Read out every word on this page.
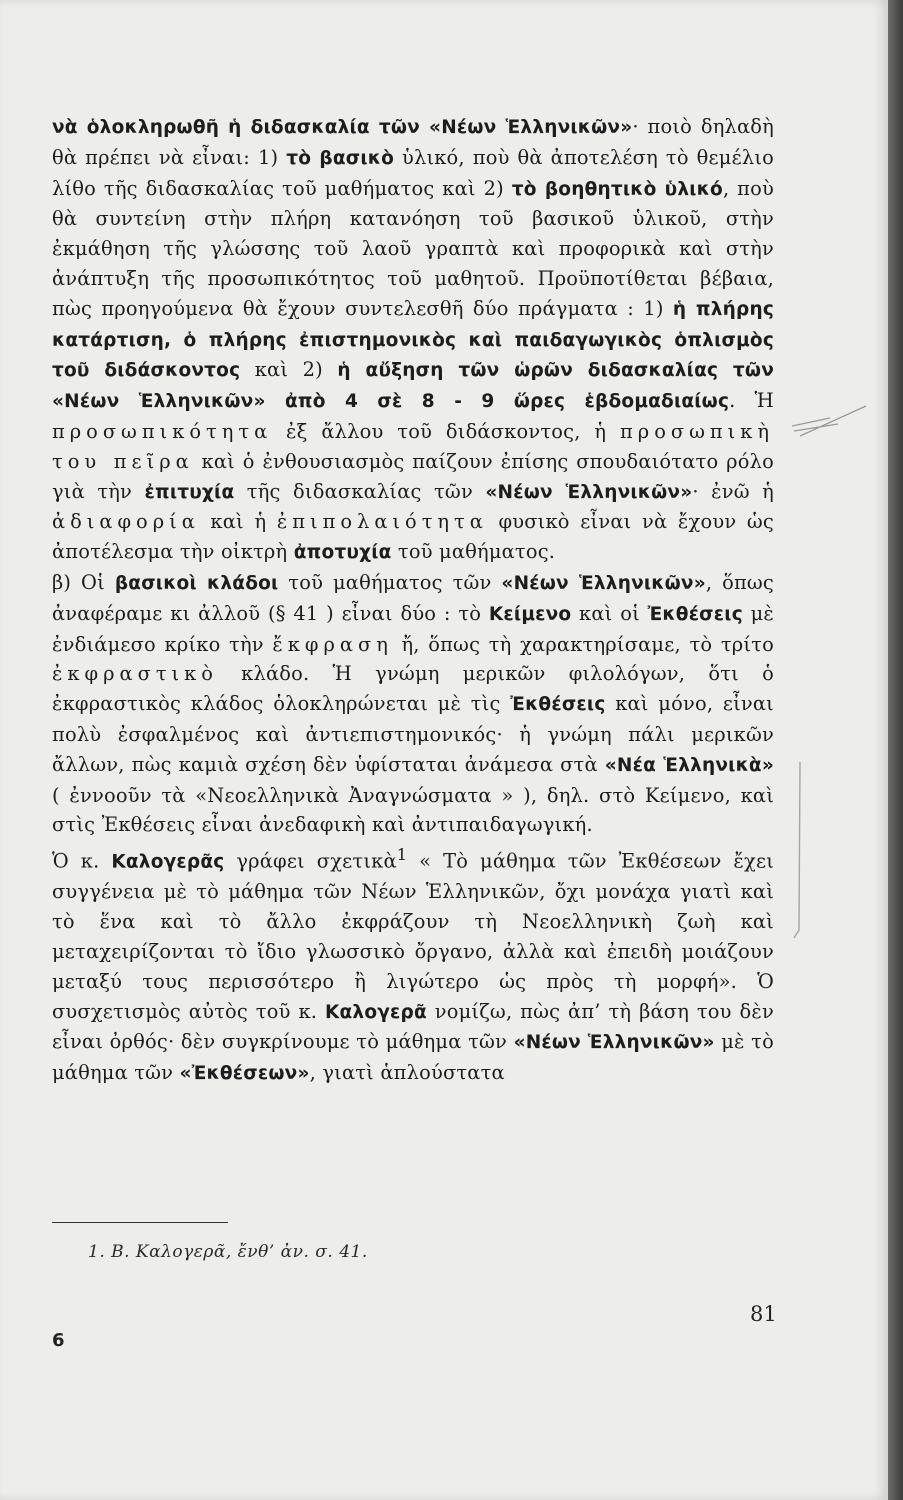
νὰ ὁλοκληρωθῆ ἡ διδασκαλία τῶν «Νέων Ἑλληνικῶν»· ποιὸ δηλαδὴ θὰ πρέπει νὰ εἶναι: 1) τὸ βασικὸ ὑλικό, ποὺ θὰ ἀποτελέση τὸ θεμέλιο λίθο τῆς διδασκαλίας τοῦ μαθήματος καὶ 2) τὸ βοηθητικὸ ὑλικό, ποὺ θὰ συντείνη στὴν πλήρη κατανόηση τοῦ βασικοῦ ὑλικοῦ, στὴν ἐκμάθηση τῆς γλώσσης τοῦ λαοῦ γραπτὰ καὶ προφορικὰ καὶ στὴν ἀνάπτυξη τῆς προσωπικότητος τοῦ μαθητοῦ. Προϋποτίθεται βέβαια, πὼς προηγούμενα θὰ ἔχουν συντελεσθῆ δύο πράγματα : 1) ἡ πλήρης κατάρτιση, ὁ πλήρης ἐπιστημονικὸς καὶ παιδαγωγικὸς ὁπλισμὸς τοῦ διδάσκοντος καὶ 2) ἡ αὔξηση τῶν ὡρῶν διδασκαλίας τῶν «Νέων Ἑλληνικῶν» ἀπὸ 4 σὲ 8 - 9 ὥρες ἑβδομαδιαίως. Ἡ προσωπικότητα ἐξ ἄλλου τοῦ διδάσκοντος, ἡ προσωπικὴ του πεῖρα καὶ ὁ ἐνθουσιασμὸς παίζουν ἐπίσης σπουδαιότατο ρόλο γιὰ τὴν ἐπιτυχία τῆς διδασκαλίας τῶν «Νέων Ἑλληνικῶν»· ἐνῶ ἡ ἀδιαφορία καὶ ἡ ἐπιπολαιότητα φυσικὸ εἶναι νὰ ἔχουν ὡς ἀποτέλεσμα τὴν οἰκτρὴ ἀποτυχία τοῦ μαθήματος.

β) Οἱ βασικοὶ κλάδοι τοῦ μαθήματος τῶν «Νέων Ἑλληνικῶν», ὅπως ἀναφέραμε κι ἀλλοῦ (§ 41 ) εἶναι δύο : τὸ Κείμενο καὶ οἱ Ἐκθέσεις μὲ ἐνδιάμεσο κρίκο τὴν ἔκφραση ἤ, ὅπως τὴ χαρακτηρίσαμε, τὸ τρίτο ἐκφραστικὸ κλάδο. Ἡ γνώμη μερικῶν φιλολόγων, ὅτι ὁ ἐκφραστικὸς κλάδος ὁλοκληρώνεται μὲ τὶς Ἐκθέσεις καὶ μόνο, εἶναι πολὺ ἐσφαλμένος καὶ ἀντιεπιστημονικός· ἡ γνώμη πάλι μερικῶν ἄλλων, πὼς καμιὰ σχέση δὲν ὑφίσταται ἀνάμεσα στὰ «Νέα Ἑλληνικὰ» ( ἐννοοῦν τὰ «Νεοελληνικὰ Ἀναγνώσματα » ), δηλ. στὸ Κείμενο, καὶ στὶς Ἐκθέσεις εἶναι ἀνεδαφικὴ καὶ ἀντιπαιδαγωγική.

Ὁ κ. Καλογερᾶς γράφει σχετικὰ$^1$ « Τὸ μάθημα τῶν Ἐκθέσεων ἔχει συγγένεια μὲ τὸ μάθημα τῶν Νέων Ἑλληνικῶν, ὄχι μονάχα γιατὶ καὶ τὸ ἕνα καὶ τὸ ἄλλο ἐκφράζουν τὴ Νεοελληνικὴ ζωὴ καὶ μεταχειρίζονται τὸ ἴδιο γλωσσικὸ ὄργανο, ἀλλὰ καὶ ἐπειδὴ μοιάζουν μεταξύ τους περισσότερο ἢ λιγώτερο ὡς πρὸς τὴ μορφή». Ὁ συσχετισμὸς αὐτὸς τοῦ κ. Καλογερᾶ νομίζω, πὼς ἀπ’ τὴ βάση του δὲν εἶναι ὀρθός· δὲν συγκρίνουμε τὸ μάθημα τῶν «Νέων Ἑλληνικῶν» μὲ τὸ μάθημα τῶν «Ἐκθέσεων», γιατὶ ἁπλούστατα

1. Β. Καλογερᾶ, ἔνθ’ ἀν. σ. 41.
81
6
